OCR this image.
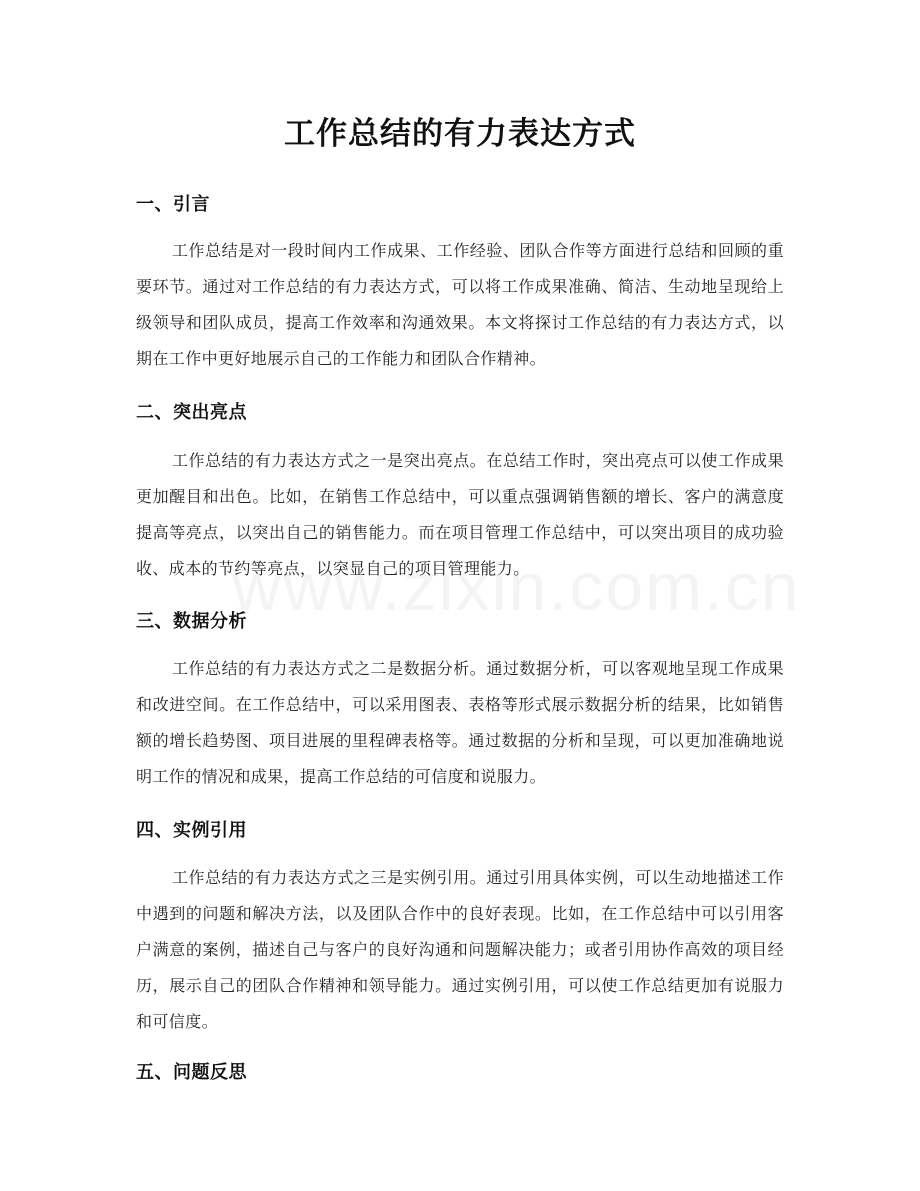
工作总结的有力表达方式
一、引言

工作总结是对一段时间内工作成果、工作经验、团队合作等方面进行总结和回顾的重要环节。通过对工作总结的有力表达方式，可以将工作成果准确、简洁、生动地呈现给上级领导和团队成员，提高工作效率和沟通效果。本文将探讨工作总结的有力表达方式，以期在工作中更好地展示自己的工作能力和团队合作精神。

二、突出亮点

工作总结的有力表达方式之一是突出亮点。在总结工作时，突出亮点可以使工作成果更加醒目和出色。比如，在销售工作总结中，可以重点强调销售额的增长、客户的满意度提高等亮点，以突出自己的销售能力。而在项目管理工作总结中，可以突出项目的成功验收、成本的节约等亮点，以突显自己的项目管理能力。

三、数据分析

工作总结的有力表达方式之二是数据分析。通过数据分析，可以客观地呈现工作成果和改进空间。在工作总结中，可以采用图表、表格等形式展示数据分析的结果，比如销售额的增长趋势图、项目进展的里程碑表格等。通过数据的分析和呈现，可以更加准确地说明工作的情况和成果，提高工作总结的可信度和说服力。

四、实例引用

工作总结的有力表达方式之三是实例引用。通过引用具体实例，可以生动地描述工作中遇到的问题和解决方法，以及团队合作中的良好表现。比如，在工作总结中可以引用客户满意的案例，描述自己与客户的良好沟通和问题解决能力；或者引用协作高效的项目经历，展示自己的团队合作精神和领导能力。通过实例引用，可以使工作总结更加有说服力和可信度。

五、问题反思
